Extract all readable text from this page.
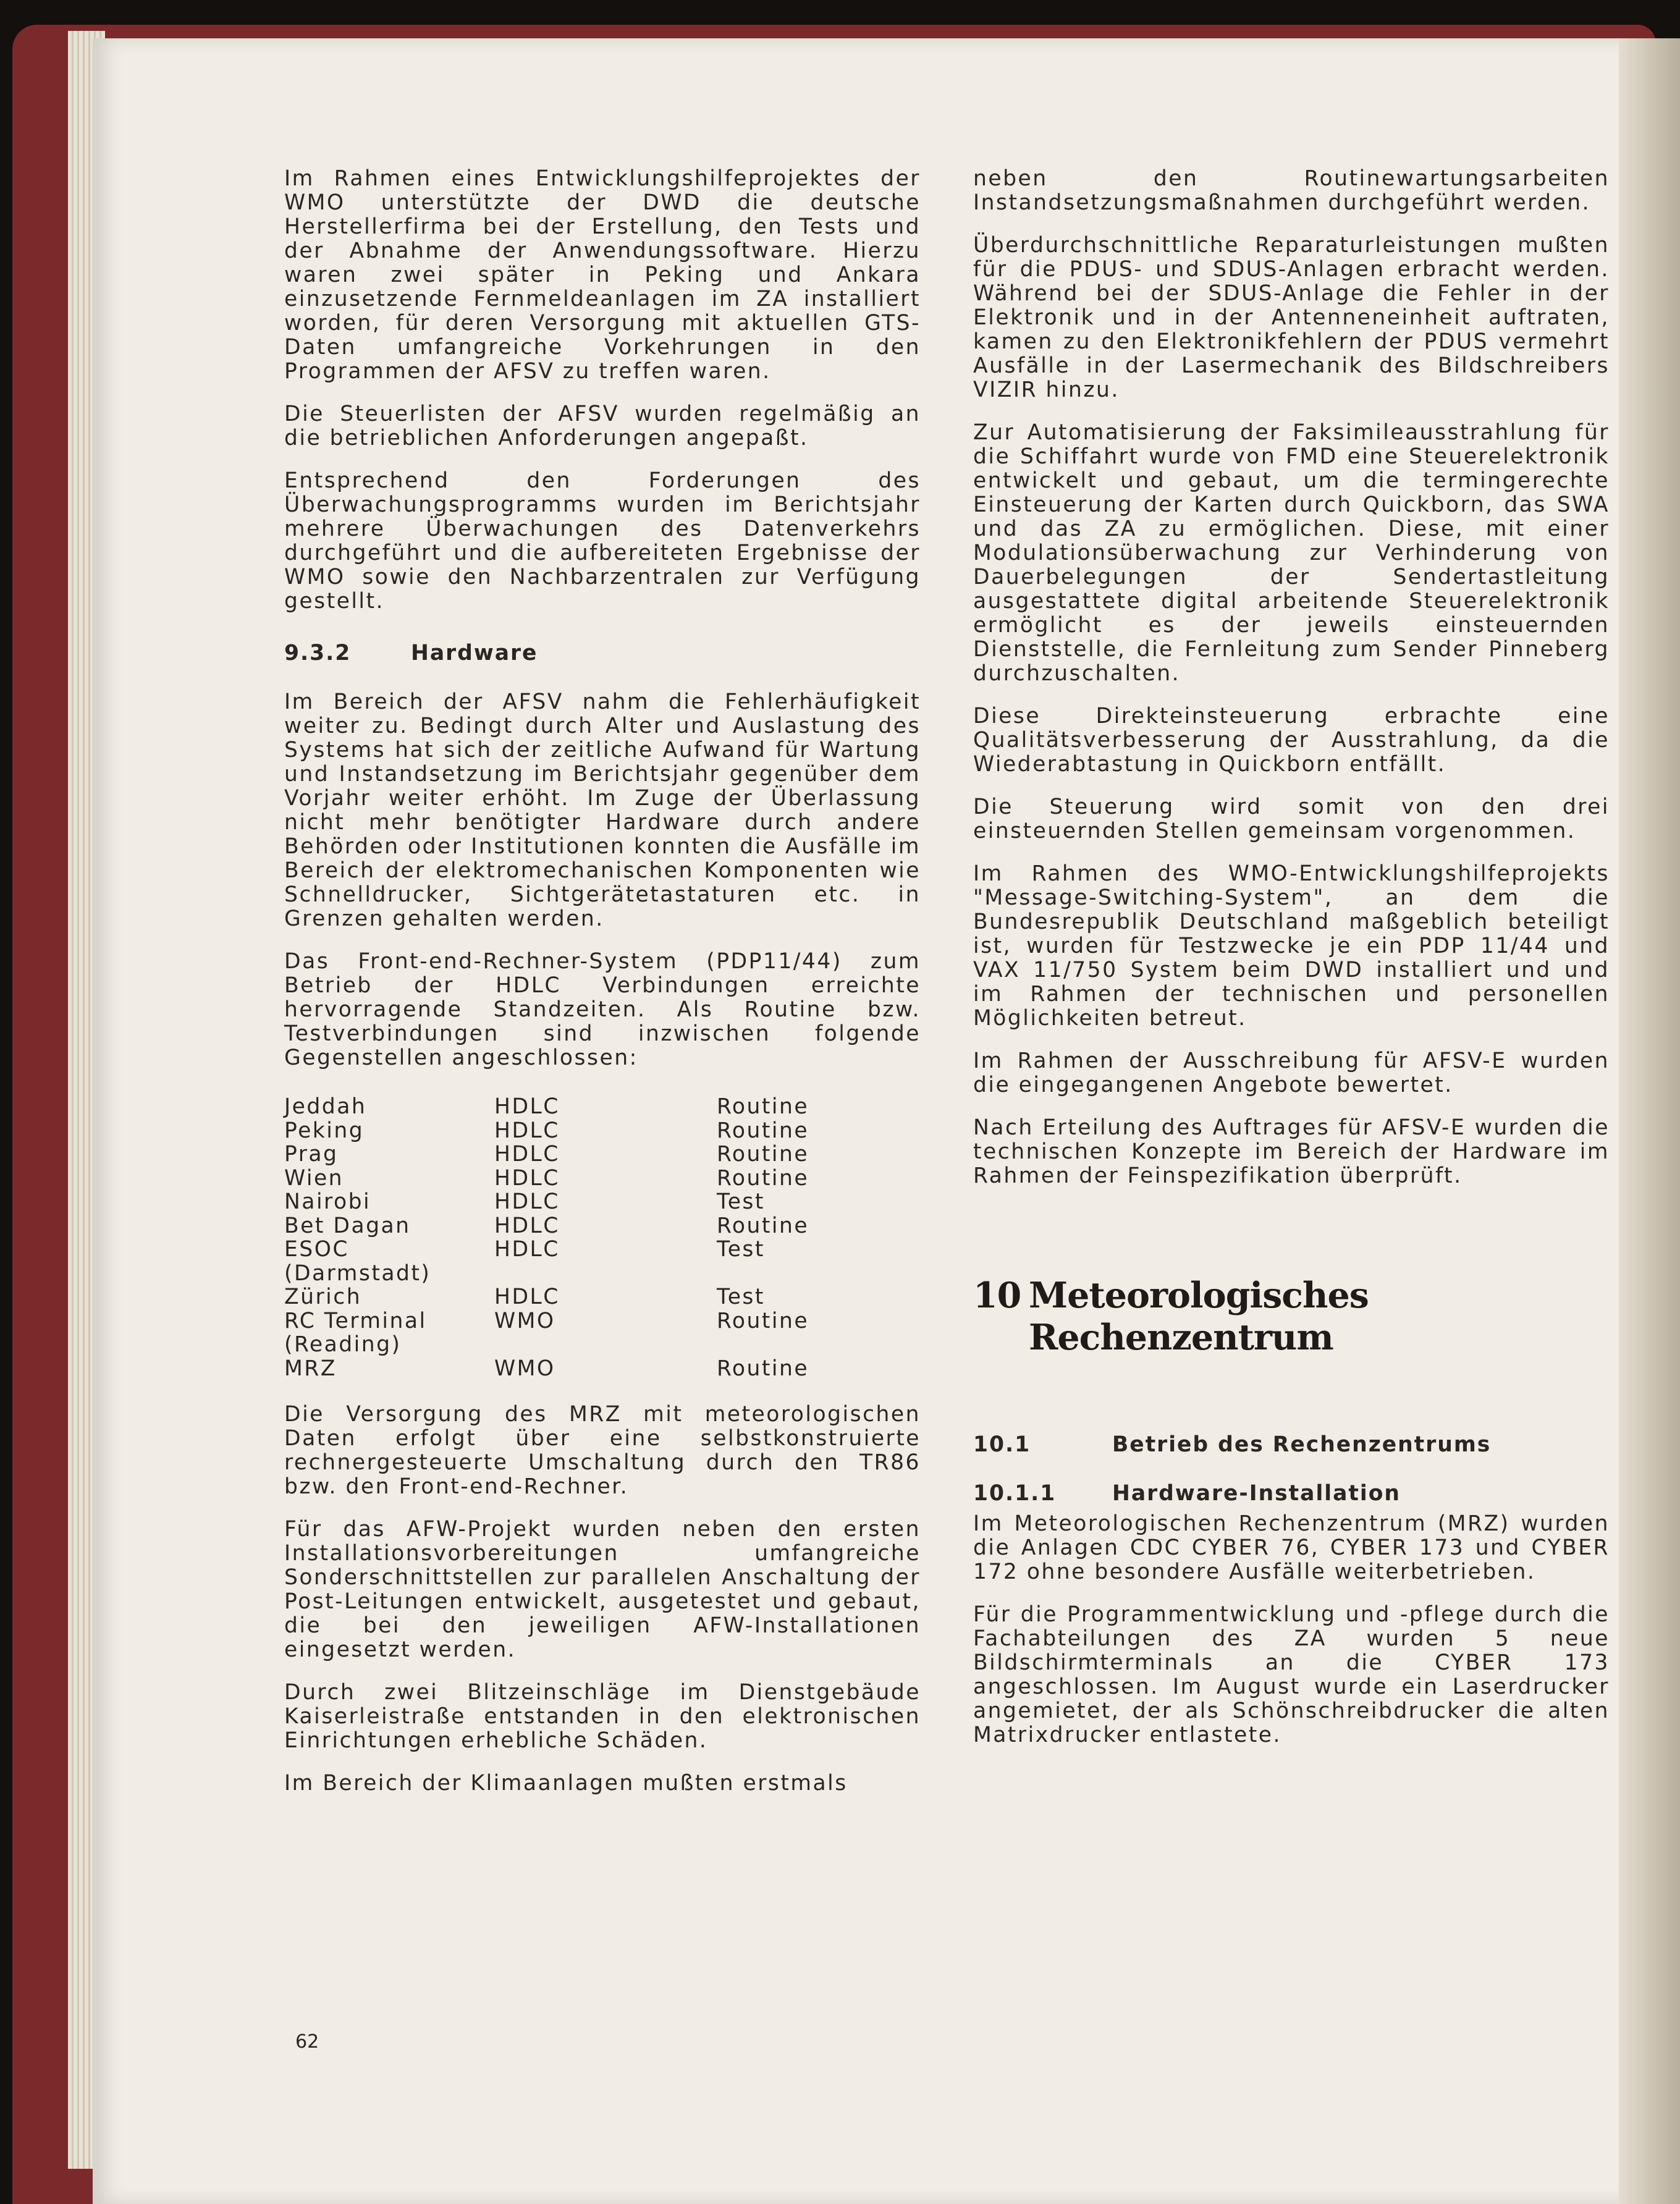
Im Rahmen eines Entwicklungshilfeprojektes der WMO unterstützte der DWD die deutsche Herstellerfirma bei der Erstellung, den Tests und der Abnahme der Anwendungssoftware. Hierzu waren zwei später in Peking und Ankara einzusetzende Fernmeldeanlagen im ZA installiert worden, für deren Versorgung mit aktuellen GTS-Daten umfangreiche Vorkehrungen in den Programmen der AFSV zu treffen waren.

Die Steuerlisten der AFSV wurden regelmäßig an die betrieblichen Anforderungen angepaßt.

Entsprechend den Forderungen des Überwachungsprogramms wurden im Berichtsjahr mehrere Überwachungen des Datenverkehrs durchgeführt und die aufbereiteten Ergebnisse der WMO sowie den Nachbarzentralen zur Verfügung gestellt.

9.3.2	Hardware

Im Bereich der AFSV nahm die Fehlerhäufigkeit weiter zu. Bedingt durch Alter und Auslastung des Systems hat sich der zeitliche Aufwand für Wartung und Instandsetzung im Berichtsjahr gegenüber dem Vorjahr weiter erhöht. Im Zuge der Überlassung nicht mehr benötigter Hardware durch andere Behörden oder Institutionen konnten die Ausfälle im Bereich der elektromechanischen Komponenten wie Schnelldrucker, Sichtgerätetastaturen etc. in Grenzen gehalten werden.

Das Front-end-Rechner-System (PDP11/44) zum Betrieb der HDLC Verbindungen erreichte hervorragende Standzeiten. Als Routine bzw. Testverbindungen sind inzwischen folgende Gegenstellen angeschlossen:

Jeddah	HDLC	Routine
Peking	HDLC	Routine
Prag	HDLC	Routine
Wien	HDLC	Routine
Nairobi	HDLC	Test
Bet Dagan	HDLC	Routine
ESOC	HDLC	Test
(Darmstadt)
Zürich	HDLC	Test
RC Terminal	WMO	Routine
(Reading)
MRZ	WMO	Routine

Die Versorgung des MRZ mit meteorologischen Daten erfolgt über eine selbstkonstruierte rechnergesteuerte Umschaltung durch den TR86 bzw. den Front-end-Rechner.

Für das AFW-Projekt wurden neben den ersten Installationsvorbereitungen umfangreiche Sonderschnittstellen zur parallelen Anschaltung der Post-Leitungen entwickelt, ausgetestet und gebaut, die bei den jeweiligen AFW-Installationen eingesetzt werden.

Durch zwei Blitzeinschläge im Dienstgebäude Kaiserleistraße entstanden in den elektronischen Einrichtungen erhebliche Schäden.

Im Bereich der Klimaanlagen mußten erstmals

neben den Routinewartungsarbeiten Instandsetzungsmaßnahmen durchgeführt werden.

Überdurchschnittliche Reparaturleistungen mußten für die PDUS- und SDUS-Anlagen erbracht werden. Während bei der SDUS-Anlage die Fehler in der Elektronik und in der Antenneneinheit auftraten, kamen zu den Elektronikfehlern der PDUS vermehrt Ausfälle in der Lasermechanik des Bildschreibers VIZIR hinzu.

Zur Automatisierung der Faksimileausstrahlung für die Schiffahrt wurde von FMD eine Steuerelektronik entwickelt und gebaut, um die termingerechte Einsteuerung der Karten durch Quickborn, das SWA und das ZA zu ermöglichen. Diese, mit einer Modulationsüberwachung zur Verhinderung von Dauerbelegungen der Sendertastleitung ausgestattete digital arbeitende Steuerelektronik ermöglicht es der jeweils einsteuernden Dienststelle, die Fernleitung zum Sender Pinneberg durchzuschalten.

Diese Direkteinsteuerung erbrachte eine Qualitätsverbesserung der Ausstrahlung, da die Wiederabtastung in Quickborn entfällt.

Die Steuerung wird somit von den drei einsteuernden Stellen gemeinsam vorgenommen.

Im Rahmen des WMO-Entwicklungshilfeprojekts "Message-Switching-System", an dem die Bundesrepublik Deutschland maßgeblich beteiligt ist, wurden für Testzwecke je ein PDP 11/44 und VAX 11/750 System beim DWD installiert und und im Rahmen der technischen und personellen Möglichkeiten betreut.

Im Rahmen der Ausschreibung für AFSV-E wurden die eingegangenen Angebote bewertet.

Nach Erteilung des Auftrages für AFSV-E wurden die technischen Konzepte im Bereich der Hardware im Rahmen der Feinspezifikation überprüft.

10 Meteorologisches
Rechenzentrum
10.1	Betrieb des Rechenzentrums
10.1.1	Hardware-Installation

Im Meteorologischen Rechenzentrum (MRZ) wurden die Anlagen CDC CYBER 76, CYBER 173 und CYBER 172 ohne besondere Ausfälle weiterbetrieben.

Für die Programmentwicklung und -pflege durch die Fachabteilungen des ZA wurden 5 neue Bildschirmterminals an die CYBER 173 angeschlossen. Im August wurde ein Laserdrucker angemietet, der als Schönschreibdrucker die alten Matrixdrucker entlastete.

62
